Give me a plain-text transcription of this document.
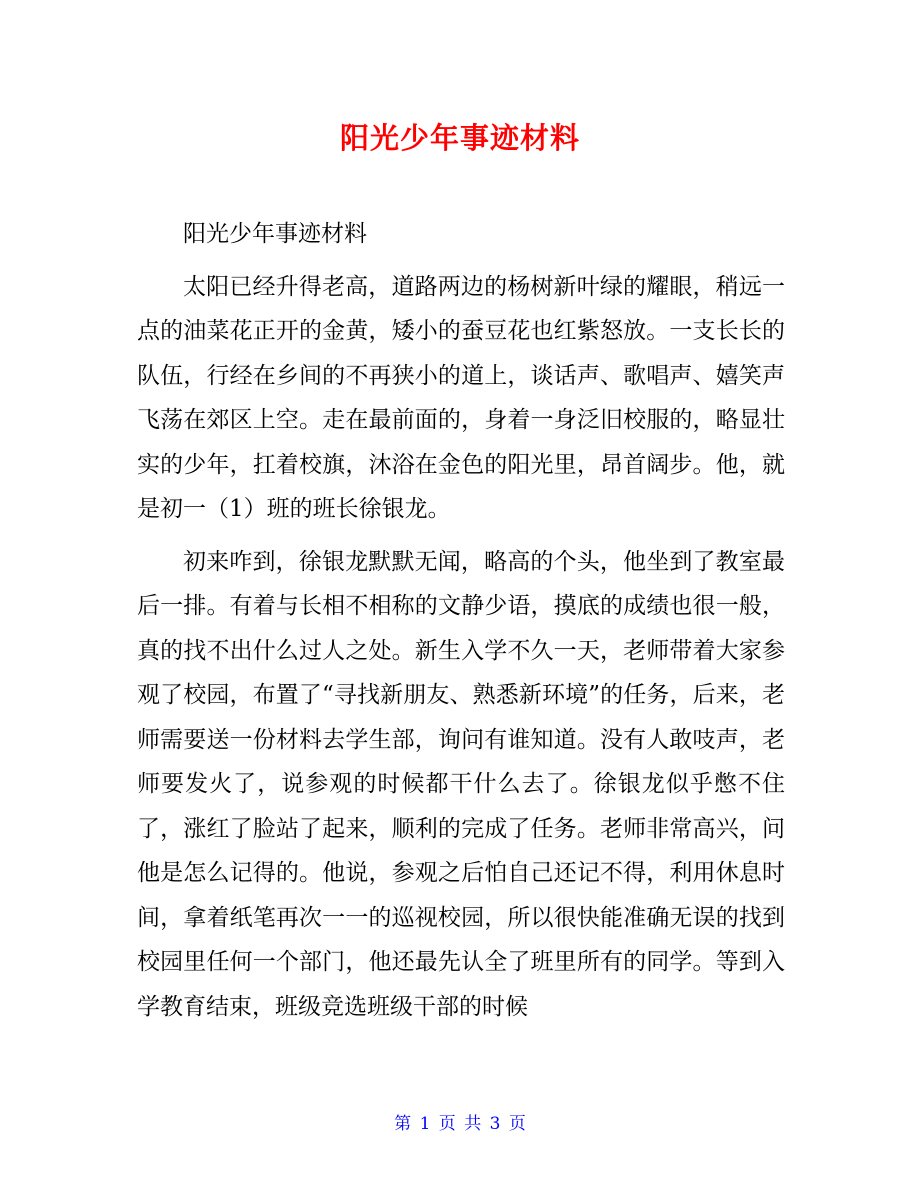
阳光少年事迹材料

阳光少年事迹材料

太阳已经升得老高，道路两边的杨树新叶绿的耀眼，稍远一点的油菜花正开的金黄，矮小的蚕豆花也红紫怒放。一支长长的队伍，行经在乡间的不再狭小的道上，谈话声、歌唱声、嬉笑声飞荡在郊区上空。走在最前面的，身着一身泛旧校服的，略显壮实的少年，扛着校旗，沐浴在金色的阳光里，昂首阔步。他，就是初一（1）班的班长徐银龙。

初来咋到，徐银龙默默无闻，略高的个头，他坐到了教室最后一排。有着与长相不相称的文静少语，摸底的成绩也很一般，真的找不出什么过人之处。新生入学不久一天，老师带着大家参观了校园，布置了“寻找新朋友、熟悉新环境”的任务，后来，老师需要送一份材料去学生部，询问有谁知道。没有人敢吱声，老师要发火了，说参观的时候都干什么去了。徐银龙似乎憋不住了，涨红了脸站了起来，顺利的完成了任务。老师非常高兴，问他是怎么记得的。他说，参观之后怕自己还记不得，利用休息时间，拿着纸笔再次一一的巡视校园，所以很快能准确无误的找到校园里任何一个部门，他还最先认全了班里所有的同学。等到入学教育结束，班级竞选班级干部的时候

第 1 页 共 3 页
